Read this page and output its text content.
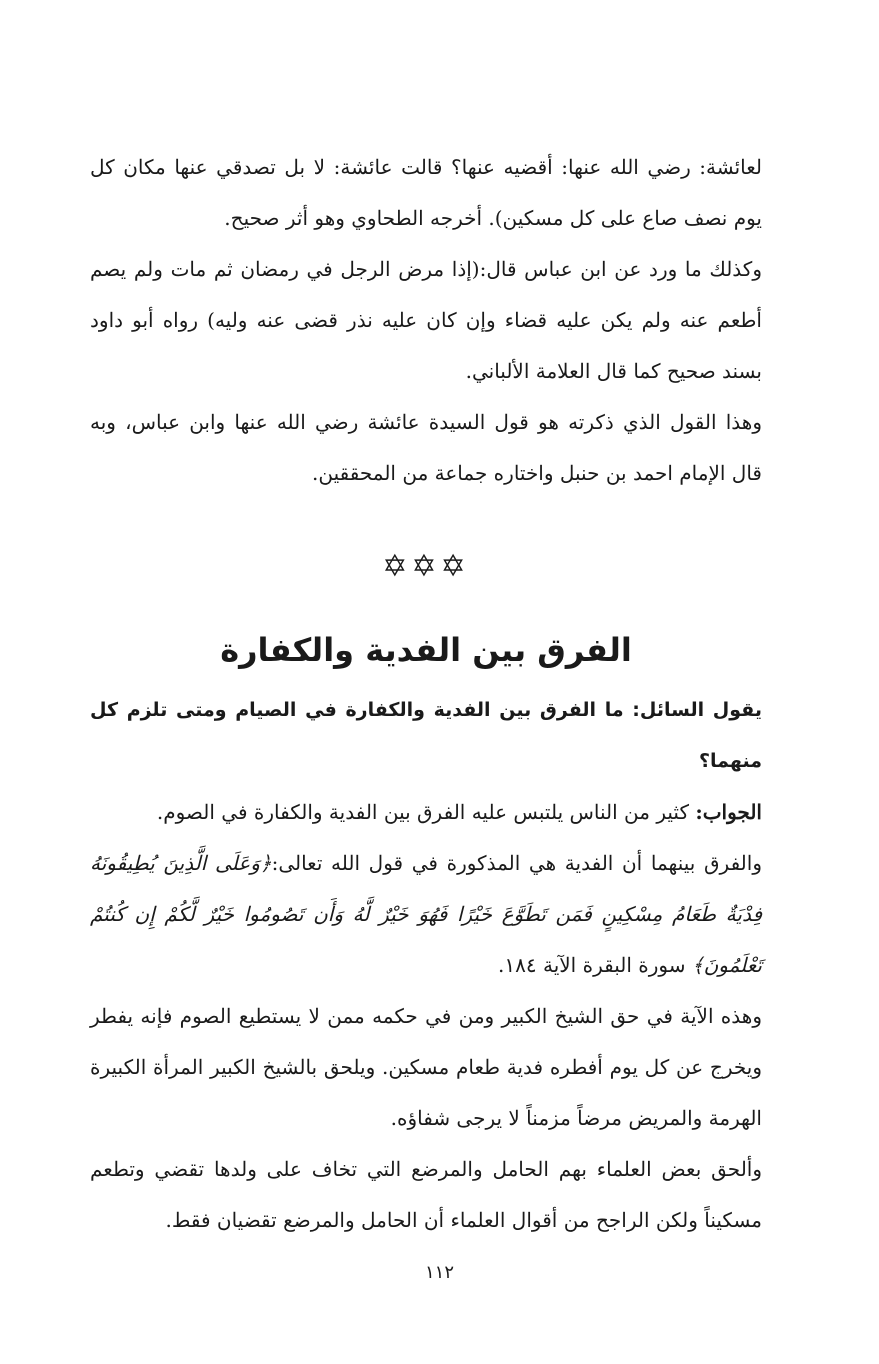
لعائشة: رضي الله عنها: أقضيه عنها؟ قالت عائشة: لا بل تصدقي عنها مكان كل يوم نصف صاع على كل مسكين). أخرجه الطحاوي وهو أثر صحيح.

وكذلك ما ورد عن ابن عباس قال:(إذا مرض الرجل في رمضان ثم مات ولم يصم أطعم عنه ولم يكن عليه قضاء وإن كان عليه نذر قضى عنه وليه) رواه أبو داود بسند صحيح كما قال العلامة الألباني.

وهذا القول الذي ذكرته هو قول السيدة عائشة رضي الله عنها وابن عباس، وبه قال الإمام احمد بن حنبل واختاره جماعة من المحققين.

✡✡✡
الفرق بين الفدية والكفارة

يقول السائل: ما الفرق بين الفدية والكفارة في الصيام ومتى تلزم كل منهما؟

الجواب: كثير من الناس يلتبس عليه الفرق بين الفدية والكفارة في الصوم.

والفرق بينهما أن الفدية هي المذكورة في قول الله تعالى:﴿وَعَلَى الَّذِينَ يُطِيقُونَهُ فِدْيَةٌ طَعَامُ مِسْكِينٍ فَمَن تَطَوَّعَ خَيْرًا فَهُوَ خَيْرٌ لَّهُ وَأَن تَصُومُوا خَيْرٌ لَّكُمْ إِن كُنتُمْ تَعْلَمُونَ﴾ سورة البقرة الآية ١٨٤.

وهذه الآية في حق الشيخ الكبير ومن في حكمه ممن لا يستطيع الصوم فإنه يفطر ويخرج عن كل يوم أفطره فدية طعام مسكين. ويلحق بالشيخ الكبير المرأة الكبيرة الهرمة والمريض مرضاً مزمناً لا يرجى شفاؤه.

وألحق بعض العلماء بهم الحامل والمرضع التي تخاف على ولدها تقضي وتطعم مسكيناً ولكن الراجح من أقوال العلماء أن الحامل والمرضع تقضيان فقط.

١١٢
